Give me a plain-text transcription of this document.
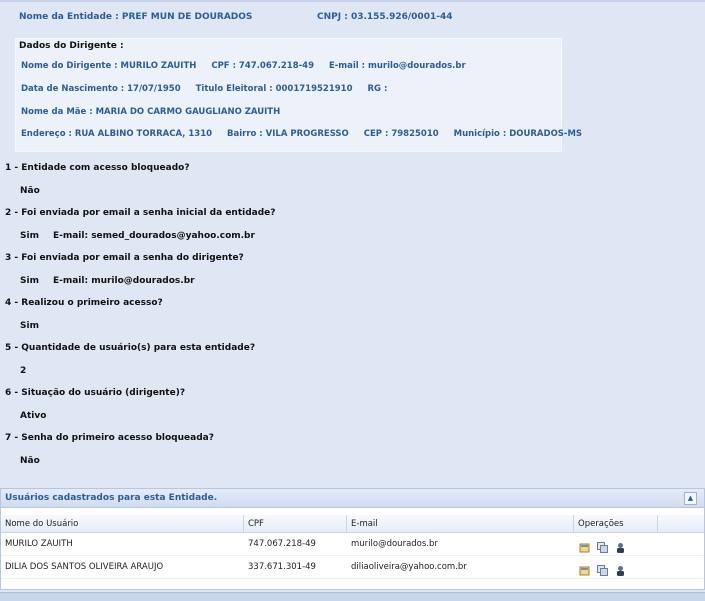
Nome da Entidade : PREF MUN DE DOURADOS	CNPJ : 03.155.926/0001-44
Dados do Dirigente :
Nome do Dirigente : MURILO ZAUITH CPF : 747.067.218-49 E-mail : murilo@dourados.br
Data de Nascimento : 17/07/1950 Titulo Eleitoral : 0001719521910 RG :
Nome da Mãe : MARIA DO CARMO GAUGLIANO ZAUITH
Endereço : RUA ALBINO TORRACA, 1310 Bairro : VILA PROGRESSO CEP : 79825010 Município : DOURADOS-MS
1 - Entidade com acesso bloqueado?
Não
2 - Foi enviada por email a senha inicial da entidade?
Sim E-mail: semed_dourados@yahoo.com.br
3 - Foi enviada por email a senha do dirigente?
Sim E-mail: murilo@dourados.br
4 - Realizou o primeiro acesso?
Sim
5 - Quantidade de usuário(s) para esta entidade?
2
6 - Situação do usuário (dirigente)?
Ativo
7 - Senha do primeiro acesso bloqueada?
Não
Usuários cadastrados para esta Entidade.	▲
Nome do Usuário	CPF	E-mail	Operações
MURILO ZAUITH	747.067.218-49	murilo@dourados.br

DILIA DOS SANTOS OLIVEIRA ARAUJO	337.671.301-49	diliaoliveira@yahoo.com.br
